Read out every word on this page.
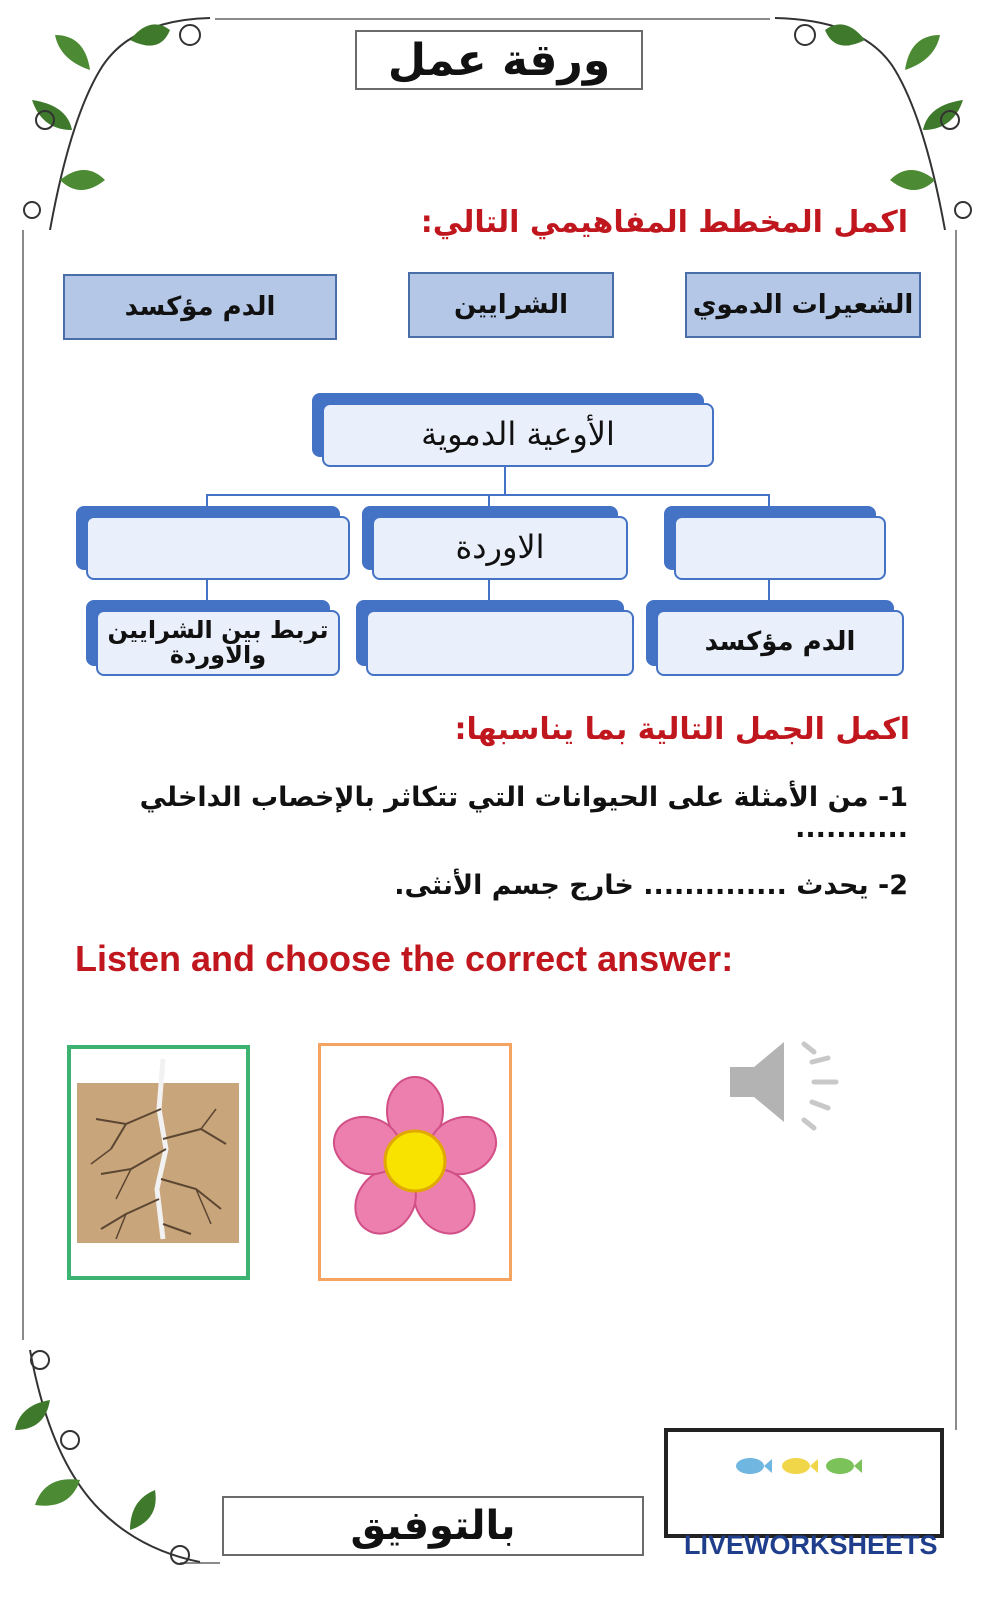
ورقة عمل
اكمل المخطط المفاهيمي التالي:
الشعيرات الدموي
الشرايين
الدم مؤكسد
الأوعية الدموية
الاوردة
تربط بين الشرايين والاوردة	الدم مؤكسد
اكمل الجمل التالية بما يناسبها:
1- من الأمثلة على الحيوانات التي تتكاثر بالإخصاب الداخلي ...........
2- يحدث .............. خارج جسم الأنثى.
Listen and choose the correct answer:
بالتوفيق	LIVEWORKSHEETS
